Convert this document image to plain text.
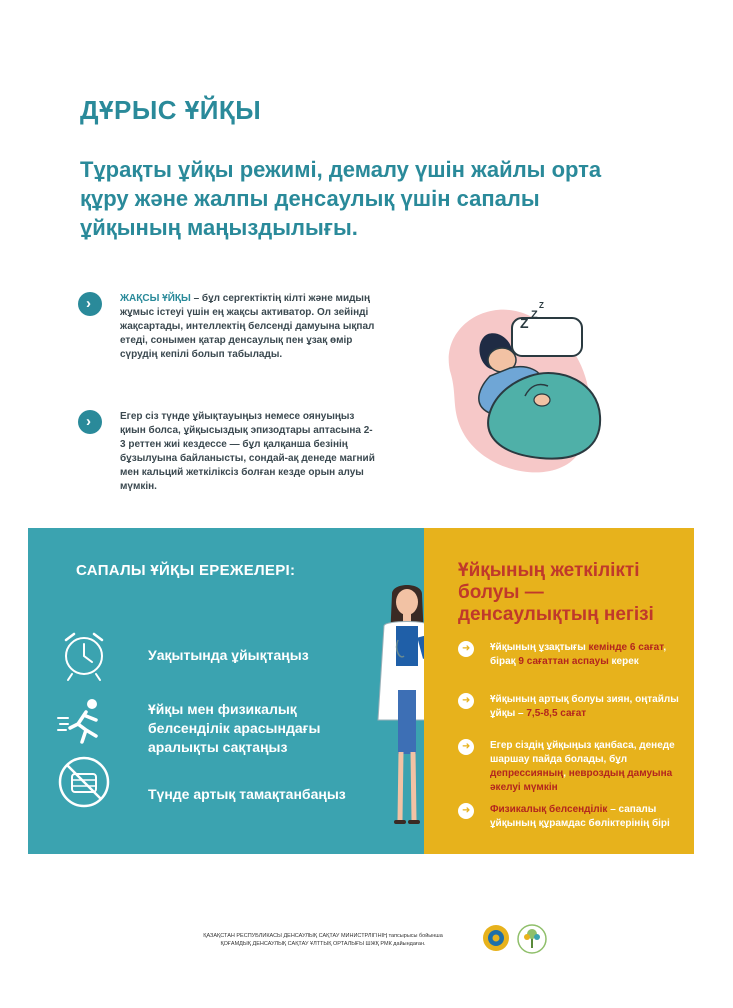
ДҰРЫС ҰЙҚЫ

Тұрақты ұйқы режимі, демалу үшін жайлы орта құру және жалпы денсаулық үшін сапалы ұйқының маңыздылығы.

›	ЖАҚСЫ ҰЙҚЫ – бұл сергектіктің кілті және мидың жұмыс істеуі үшін ең жақсы активатор. Ол зейінді жақсартады, интеллектің белсенді дамуына ықпал етеді, сонымен қатар денсаулық пен ұзақ өмір сүрудің кепілі болып табылады.
›	Егер сіз түнде ұйықтауыңыз немесе оянуыңыз қиын болса, ұйқысыздық эпизодтары аптасына 2-3 реттен жиі кездессе — бұл қалқанша безінің бұзылуына байланысты, сондай-ақ денеде магний мен кальций жеткіліксіз болған кезде орын алуы мүмкін.
Z Z
Z
САПАЛЫ ҰЙҚЫ ЕРЕЖЕЛЕРІ:
Уақытында ұйықтаңыз
Ұйқы мен физикалық белсенділік арасындағы аралықты сақтаңыз
Түнде артық тамақтанбаңыз
Ұйқының жеткілікті болуы — денсаулықтың негізі
➜ Ұйқының ұзақтығы кемінде 6 сағат, бірақ 9 сағаттан аспауы керек
➜ Ұйқының артық болуы зиян, оңтайлы ұйқы – 7,5-8,5 сағат
➜ Егер сіздің ұйқыңыз қанбаса, денеде шаршау пайда болады, бұл депрессияның, невроздың дамуына әкелуі мүмкін
➜ Физикалық белсенділік – сапалы ұйқының құрамдас бөліктерінің бірі
ҚАЗАҚСТАН РЕСПУБЛИКАСЫ ДЕНСАУЛЫҚ САҚТАУ МИНИСТРЛІГІНІҢ тапсырысы бойынша
ҚОҒАМДЫҚ ДЕНСАУЛЫҚ САҚТАУ ҰЛТТЫҚ ОРТАЛЫҒЫ ШЖҚ РМК дайындаған.
